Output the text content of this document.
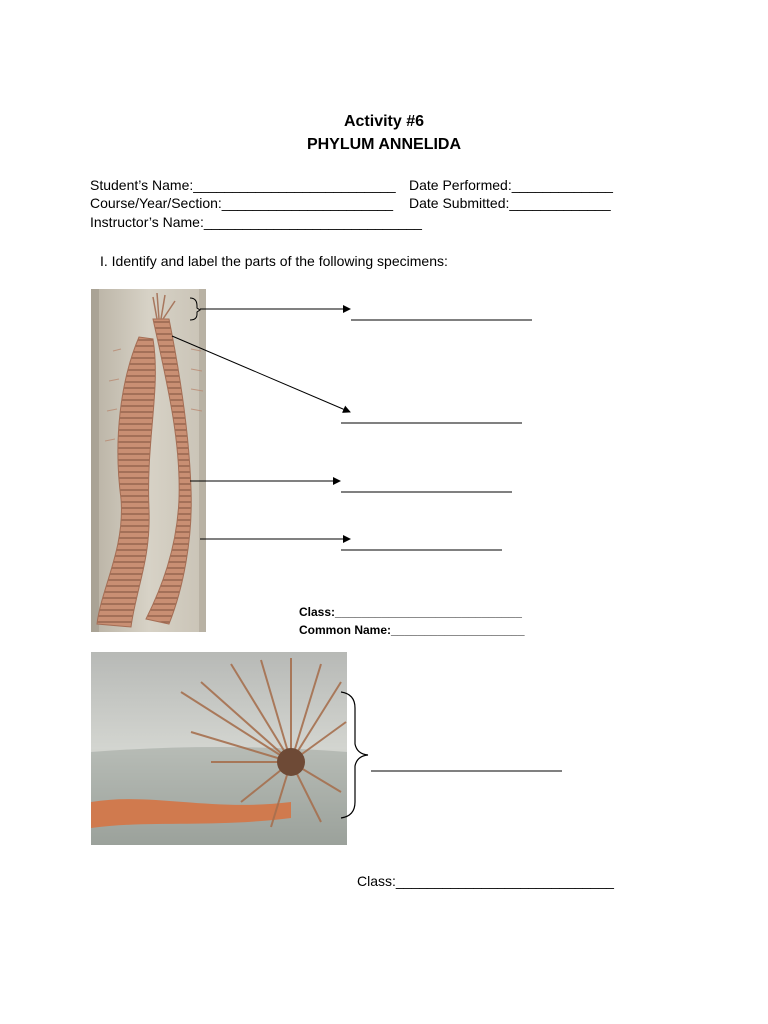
Activity #6
PHYLUM ANNELIDA
Student’s Name:__________________________ Date Performed:_____________
Course/Year/Section:______________________ Date Submitted:_____________
Instructor’s Name:____________________________
I. Identify and label the parts of the following specimens:
Class:____________________________
Common Name:____________________
Class:____________________________
